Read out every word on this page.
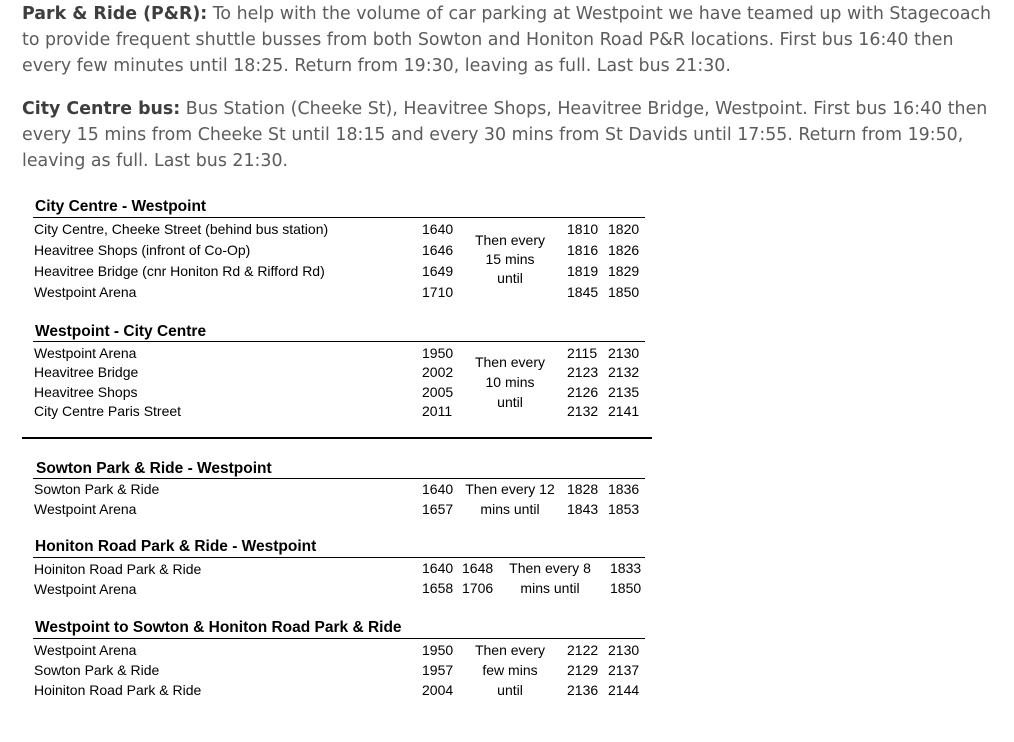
Park & Ride (P&R): To help with the volume of car parking at Westpoint we have teamed up with Stagecoach to provide frequent shuttle busses from both Sowton and Honiton Road P&R locations. First bus 16:40 then every few minutes until 18:25. Return from 19:30, leaving as full. Last bus 21:30.
City Centre bus: Bus Station (Cheeke St), Heavitree Shops, Heavitree Bridge, Westpoint. First bus 16:40 then every 15 mins from Cheeke St until 18:15 and every 30 mins from St Davids until 17:55. Return from 19:50, leaving as full. Last bus 21:30.
City Centre - Westpoint
City Centre, Cheeke Street (behind bus station)
Heavitree Shops (infront of Co-Op)
Heavitree Bridge (cnr Honiton Rd & Rifford Rd)
Westpoint Arena
1640
1646
1649
1710
Then every
15 mins
until
1810
1816
1819
1845
1820
1826
1829
1850
Westpoint - City Centre
Westpoint Arena
Heavitree Bridge
Heavitree Shops
City Centre Paris Street
1950
2002
2005
2011
Then every
10 mins
until
2115
2123
2126
2132
2130
2132
2135
2141
Sowton Park & Ride - Westpoint
Sowton Park & Ride
Westpoint Arena
1640
1657
Then every 12
mins until
1828
1843
1836
1853
Honiton Road Park & Ride - Westpoint
Hoiniton Road Park & Ride
Westpoint Arena
1640
1658
1648
1706
Then every 8
mins until
1833
1850
Westpoint to Sowton & Honiton Road Park & Ride
Westpoint Arena
Sowton Park & Ride
Hoiniton Road Park & Ride
1950
1957
2004
Then every
few mins
until
2122
2129
2136
2130
2137
2144
